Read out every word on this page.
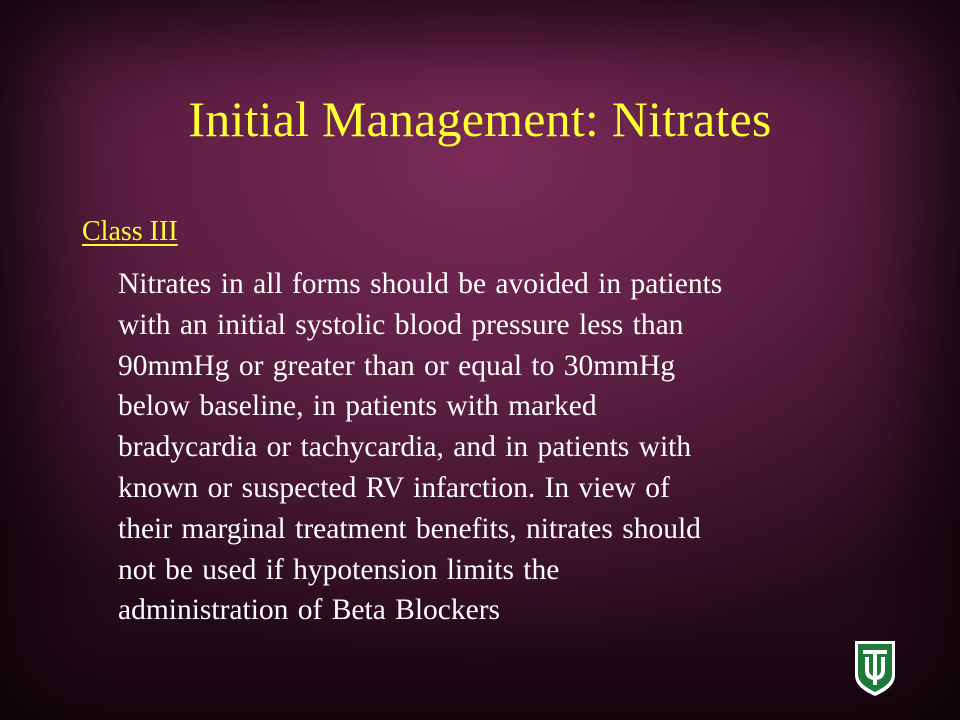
Initial Management: Nitrates
Class III
Nitrates in all forms should be avoided in patients
with an initial systolic blood pressure less than
90mmHg or greater than or equal to 30mmHg
below baseline, in patients with marked
bradycardia or tachycardia, and in patients with
known or suspected RV infarction. In view of
their marginal treatment benefits, nitrates should
not be used if hypotension limits the
administration of Beta Blockers
